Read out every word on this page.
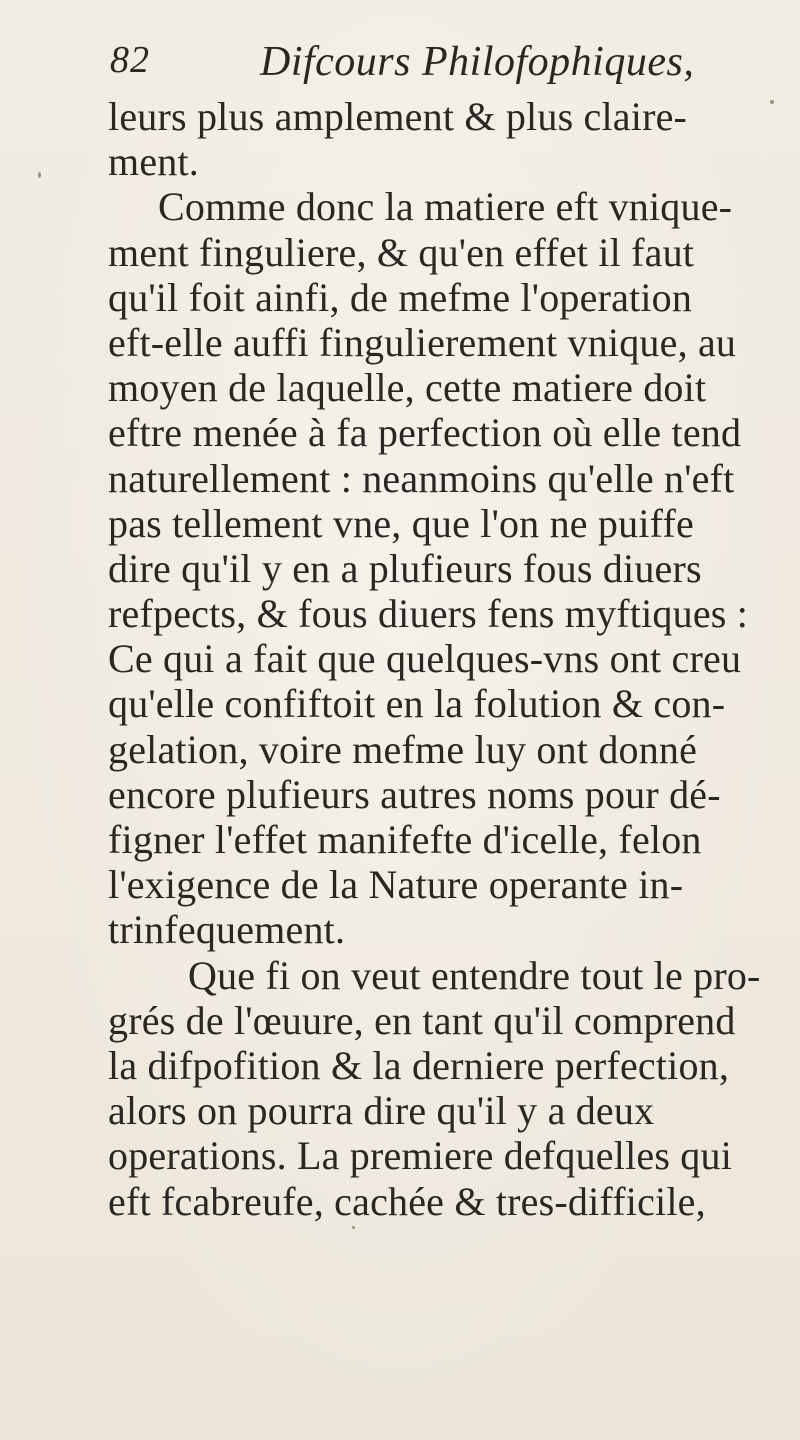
82	Difcours Philofophiques,
leurs plus amplement & plus claire-
ment.
Comme donc la matiere eft vnique-
ment finguliere, & qu'en effet il faut
qu'il foit ainfi, de mefme l'operation
eft-elle auffi fingulierement vnique, au
moyen de laquelle, cette matiere doit
eftre menée à fa perfection où elle tend
naturellement : neanmoins qu'elle n'eft
pas tellement vne, que l'on ne puiffe
dire qu'il y en a plufieurs fous diuers
refpects, & fous diuers fens myftiques :
Ce qui a fait que quelques-vns ont creu
qu'elle confiftoit en la folution & con-
gelation, voire mefme luy ont donné
encore plufieurs autres noms pour dé-
figner l'effet manifefte d'icelle, felon
l'exigence de la Nature operante in-
trinfequement.
Que fi on veut entendre tout le pro-
grés de l'œuure, en tant qu'il comprend
la difpofition & la derniere perfection,
alors on pourra dire qu'il y a deux
operations. La premiere defquelles qui
eft fcabreufe, cachée & tres-difficile,
